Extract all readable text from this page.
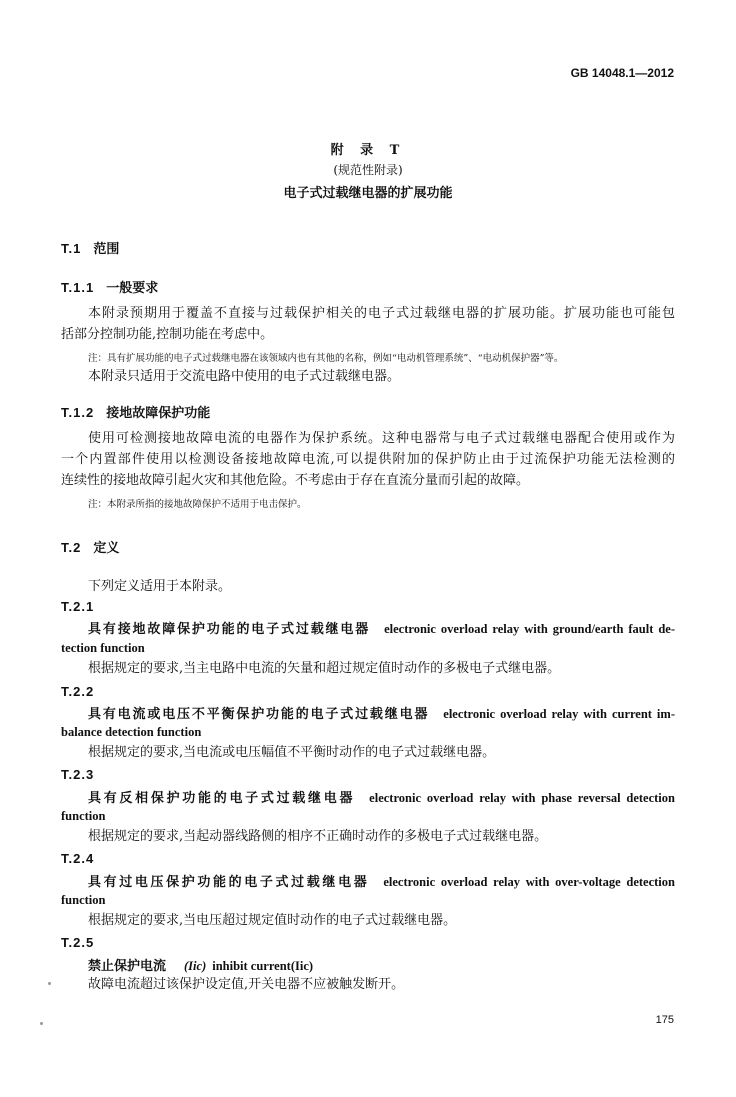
GB 14048.1—2012
附 录 T
(规范性附录)
电子式过载继电器的扩展功能
T.1 范围
T.1.1 一般要求
本附录预期用于覆盖不直接与过载保护相关的电子式过载继电器的扩展功能。扩展功能也可能包
括部分控制功能,控制功能在考虑中。
注：具有扩展功能的电子式过载继电器在该领域内也有其他的名称，例如“电动机管理系统”、“电动机保护器”等。
本附录只适用于交流电路中使用的电子式过载继电器。
T.1.2 接地故障保护功能
使用可检测接地故障电流的电器作为保护系统。这种电器常与电子式过载继电器配合使用或作为
一个内置部件使用以检测设备接地故障电流,可以提供附加的保护防止由于过流保护功能无法检测的
连续性的接地故障引起火灾和其他危险。不考虑由于存在直流分量而引起的故障。
注：本附录所指的接地故障保护不适用于电击保护。
T.2 定义
下列定义适用于本附录。
T.2.1
具有接地故障保护功能的电子式过载继电器 electronic overload relay with ground/earth fault de-
tection function
根据规定的要求,当主电路中电流的矢量和超过规定值时动作的多极电子式继电器。
T.2.2
具有电流或电压不平衡保护功能的电子式过载继电器 electronic overload relay with current im-
balance detection function
根据规定的要求,当电流或电压幅值不平衡时动作的电子式过载继电器。
T.2.3
具有反相保护功能的电子式过载继电器 electronic overload relay with phase reversal detection
function
根据规定的要求,当起动器线路侧的相序不正确时动作的多极电子式过载继电器。
T.2.4
具有过电压保护功能的电子式过载继电器 electronic overload relay with over-voltage detection
function
根据规定的要求,当电压超过规定值时动作的电子式过载继电器。
T.2.5
禁止保护电流 (Iic) inhibit current(Iic)
故障电流超过该保护设定值,开关电器不应被触发断开。
175
